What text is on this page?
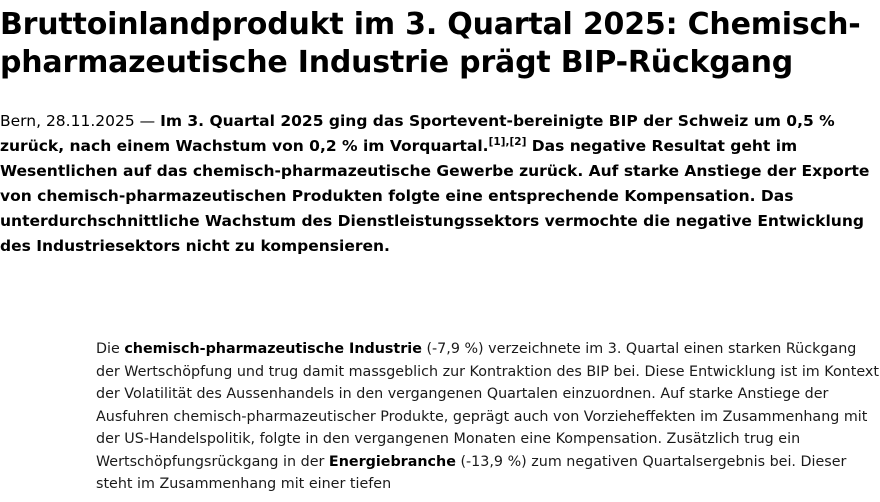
Bruttoinlandprodukt im 3. Quartal 2025: Chemisch-pharmazeutische Industrie prägt BIP-Rückgang

Bern, 28.11.2025 — Im 3. Quartal 2025 ging das Sportevent-bereinigte BIP der Schweiz um 0,5 % zurück, nach einem Wachstum von 0,2 % im Vorquartal.[1],[2] Das negative Resultat geht im Wesentlichen auf das chemisch-pharmazeutische Gewerbe zurück. Auf starke Anstiege der Exporte von chemisch-pharmazeutischen Produkten folgte eine entsprechende Kompensation. Das unterdurchschnittliche Wachstum des Dienstleistungssektors vermochte die negative Entwicklung des Industriesektors nicht zu kompensieren.

Die chemisch-pharmazeutische Industrie (-7,9 %) verzeichnete im 3. Quartal einen starken Rückgang der Wertschöpfung und trug damit massgeblich zur Kontraktion des BIP bei. Diese Entwicklung ist im Kontext der Volatilität des Aussenhandels in den vergangenen Quartalen einzuordnen. Auf starke Anstiege der Ausfuhren chemisch-pharmazeutischer Produkte, geprägt auch von Vorzieheffekten im Zusammenhang mit der US-Handelspolitik, folgte in den vergangenen Monaten eine Kompensation. Zusätzlich trug ein Wertschöpfungsrückgang in der Energiebranche (-13,9 %) zum negativen Quartalsergebnis bei. Dieser steht im Zusammenhang mit einer tiefen
